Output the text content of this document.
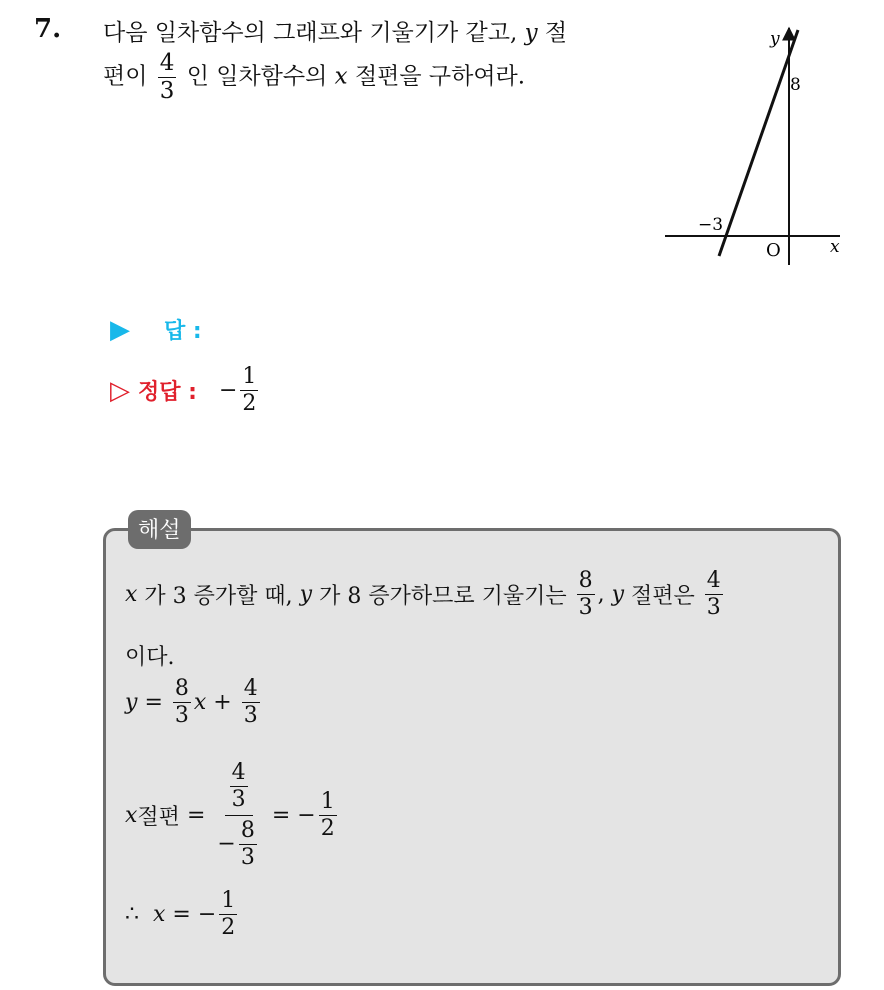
7. 다음 일차함수의 그래프와 기울기가 같고, y 절
편이 $\frac{4}{3}$ 인 일차함수의 x 절편을 구하여라.
y
x
O
−3
8
▶ 답 :
▷ 정답 : − $\frac{1}{2}$
해설
x
가 3 증가할 때,
y
가 8 증가하므로 기울기는
$\frac{8}{3}$ ,
y
절편은
$\frac{4}{3}$
이다.
y
=
$\frac{8}{3}$ x
+
$\frac{4}{3}$
x 절편
=
$\frac{\frac{4}{3}}{- \frac{8}{3}}$
=
− $\frac{1}{2}$
∴
x
=
− $\frac{1}{2}$
